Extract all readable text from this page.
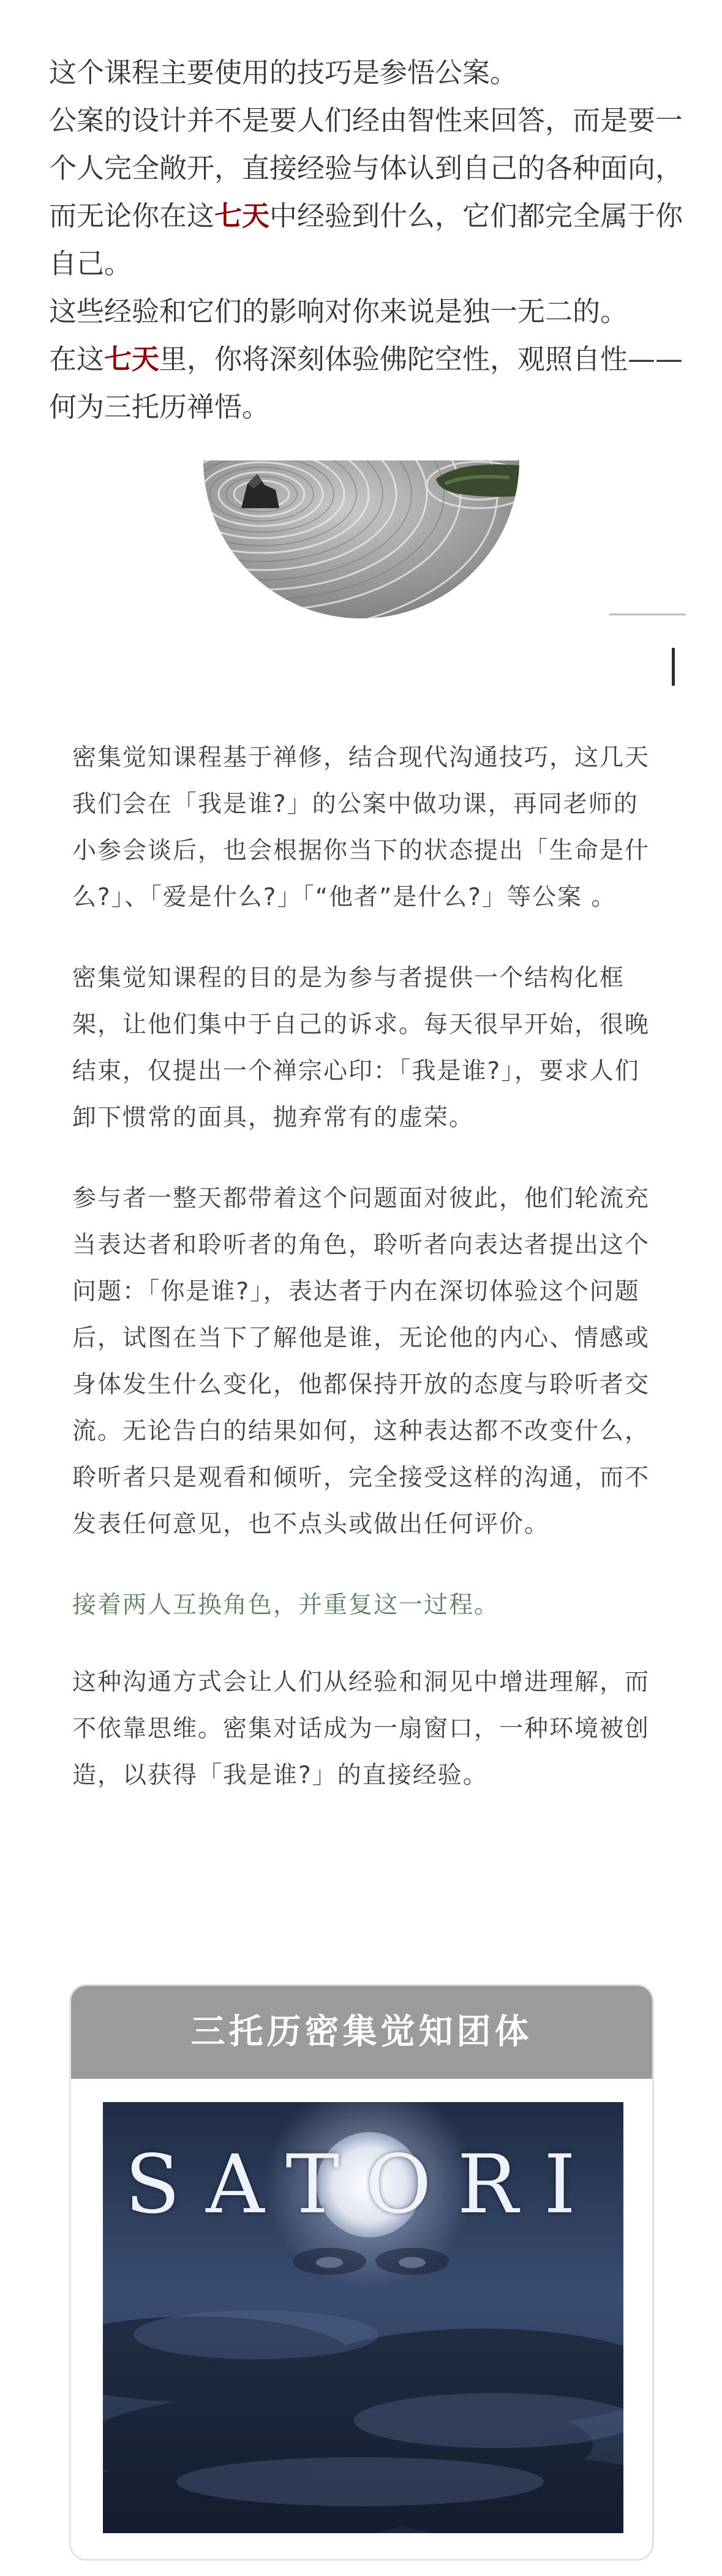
这个课程主要使用的技巧是参悟公案。

公案的设计并不是要人们经由智性来回答，而是要一个人完全敞开，直接经验与体认到自己的各种面向，而无论你在这七天中经验到什么，它们都完全属于你自己。

这些经验和它们的影响对你来说是独一无二的。

在这七天里，你将深刻体验佛陀空性，观照自性——何为三托历禅悟。

密集觉知课程基于禅修，结合现代沟通技巧，这几天我们会在「我是谁?」的公案中做功课，再同老师的小参会谈后，也会根据你当下的状态提出「生命是什么?」、「爱是什么?」「“他者”是什么?」等公案 。

密集觉知课程的目的是为参与者提供一个结构化框架，让他们集中于自己的诉求。每天很早开始，很晚结束，仅提出一个禅宗心印：「我是谁?」，要求人们卸下惯常的面具，抛弃常有的虚荣。

参与者一整天都带着这个问题面对彼此，他们轮流充当表达者和聆听者的角色，聆听者向表达者提出这个问题：「你是谁?」，表达者于内在深切体验这个问题后，试图在当下了解他是谁，无论他的内心、情感或身体发生什么变化，他都保持开放的态度与聆听者交流。无论告白的结果如何，这种表达都不改变什么，聆听者只是观看和倾听，完全接受这样的沟通，而不发表任何意见，也不点头或做出任何评价。

接着两人互换角色，并重复这一过程。

这种沟通方式会让人们从经验和洞见中增进理解，而不依靠思维。密集对话成为一扇窗口，一种环境被创造，以获得「我是谁?」的直接经验。

三托历密集觉知团体
SATORI
